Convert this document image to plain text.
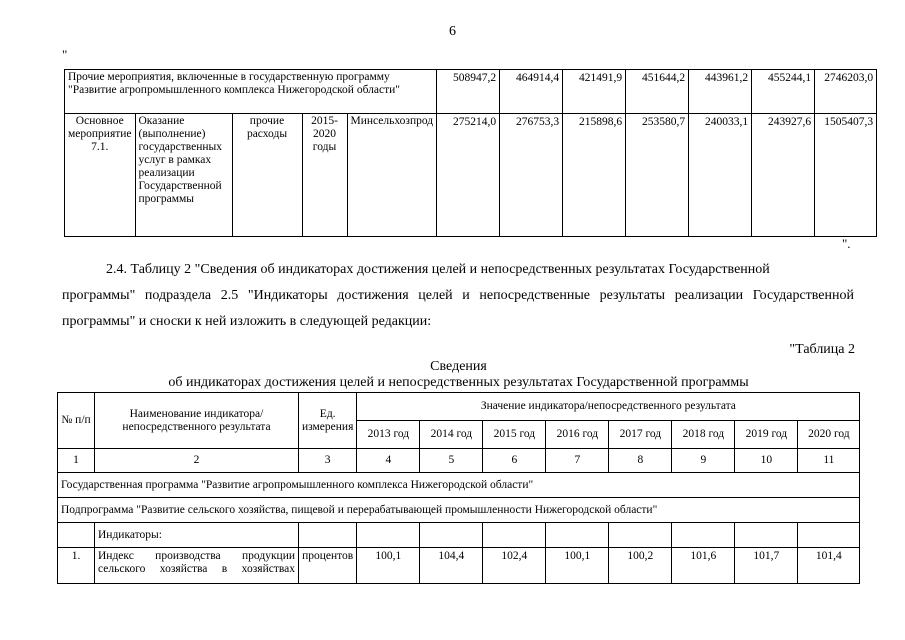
6
"
Прочие мероприятия, включенные в государственную программу "Развитие агропромышленного комплекса Нижегородской области"					508947,2	464914,4	421491,9	451644,2	443961,2	455244,1	2746203,0
Основное мероприятие 7.1.	Оказание (выполнение) государственных услуг в рамках реализации Государственной программы	прочие расходы	2015-2020 годы	Минсельхозпрод	275214,0	276753,3	215898,6	253580,7	240033,1	243927,6	1505407,3
".
2.4. Таблицу 2 "Сведения об индикаторах достижения целей и непосредственных результатах Государственной
программы" подраздела 2.5 "Индикаторы достижения целей и непосредственные результаты реализации Государственной
программы" и сноски к ней изложить в следующей редакции:
"Таблица 2
Сведения
об индикаторах достижения целей и непосредственных результатах Государственной программы
№ п/п	Наименование индикатора/непосредственного результата	Ед. измерения	Значение индикатора/непосредственного результата							
			2013 год	2014 год	2015 год	2016 год	2017 год	2018 год	2019 год	2020 год
1	2	3	4	5	6	7	8	9	10	11
Государственная программа "Развитие агропромышленного комплекса Нижегородской области"										
Подпрограмма "Развитие сельского хозяйства, пищевой и перерабатывающей промышленности Нижегородской области"										
	Индикаторы:									
1.	Индекс производства продукции сельского хозяйства в хозяйствах	процентов	100,1	104,4	102,4	100,1	100,2	101,6	101,7	101,4
